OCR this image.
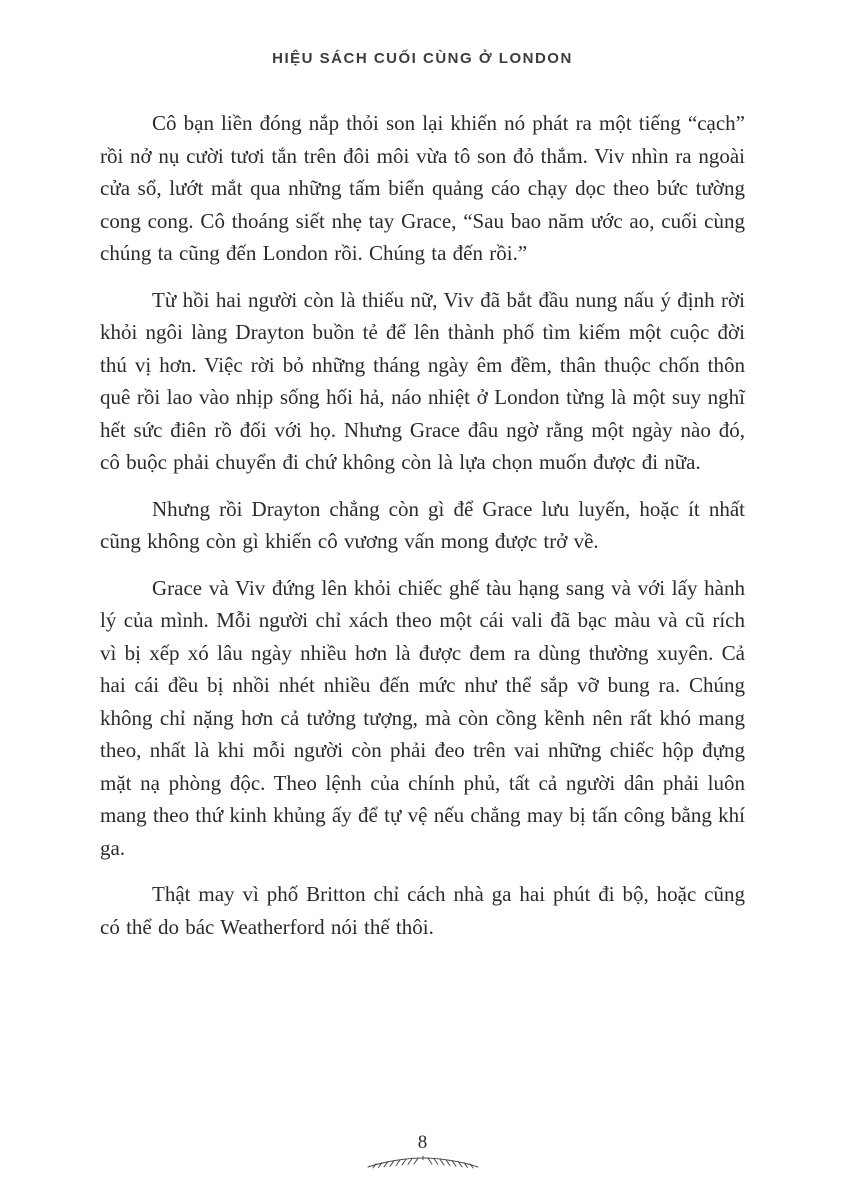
HIỆU SÁCH CUỐI CÙNG Ở LONDON

Cô bạn liền đóng nắp thỏi son lại khiến nó phát ra một tiếng “cạch” rồi nở nụ cười tươi tắn trên đôi môi vừa tô son đỏ thắm. Viv nhìn ra ngoài cửa sổ, lướt mắt qua những tấm biển quảng cáo chạy dọc theo bức tường cong cong. Cô thoáng siết nhẹ tay Grace, “Sau bao năm ước ao, cuối cùng chúng ta cũng đến London rồi. Chúng ta đến rồi.”

Từ hồi hai người còn là thiếu nữ, Viv đã bắt đầu nung nấu ý định rời khỏi ngôi làng Drayton buồn tẻ để lên thành phố tìm kiếm một cuộc đời thú vị hơn. Việc rời bỏ những tháng ngày êm đềm, thân thuộc chốn thôn quê rồi lao vào nhịp sống hối hả, náo nhiệt ở London từng là một suy nghĩ hết sức điên rồ đối với họ. Nhưng Grace đâu ngờ rằng một ngày nào đó, cô buộc phải chuyển đi chứ không còn là lựa chọn muốn được đi nữa.

Nhưng rồi Drayton chẳng còn gì để Grace lưu luyến, hoặc ít nhất cũng không còn gì khiến cô vương vấn mong được trở về.

Grace và Viv đứng lên khỏi chiếc ghế tàu hạng sang và với lấy hành lý của mình. Mỗi người chỉ xách theo một cái vali đã bạc màu và cũ rích vì bị xếp xó lâu ngày nhiều hơn là được đem ra dùng thường xuyên. Cả hai cái đều bị nhồi nhét nhiều đến mức như thể sắp vỡ bung ra. Chúng không chỉ nặng hơn cả tưởng tượng, mà còn cồng kềnh nên rất khó mang theo, nhất là khi mỗi người còn phải đeo trên vai những chiếc hộp đựng mặt nạ phòng độc. Theo lệnh của chính phủ, tất cả người dân phải luôn mang theo thứ kinh khủng ấy để tự vệ nếu chẳng may bị tấn công bằng khí ga.

Thật may vì phố Britton chỉ cách nhà ga hai phút đi bộ, hoặc cũng có thể do bác Weatherford nói thế thôi.

8
